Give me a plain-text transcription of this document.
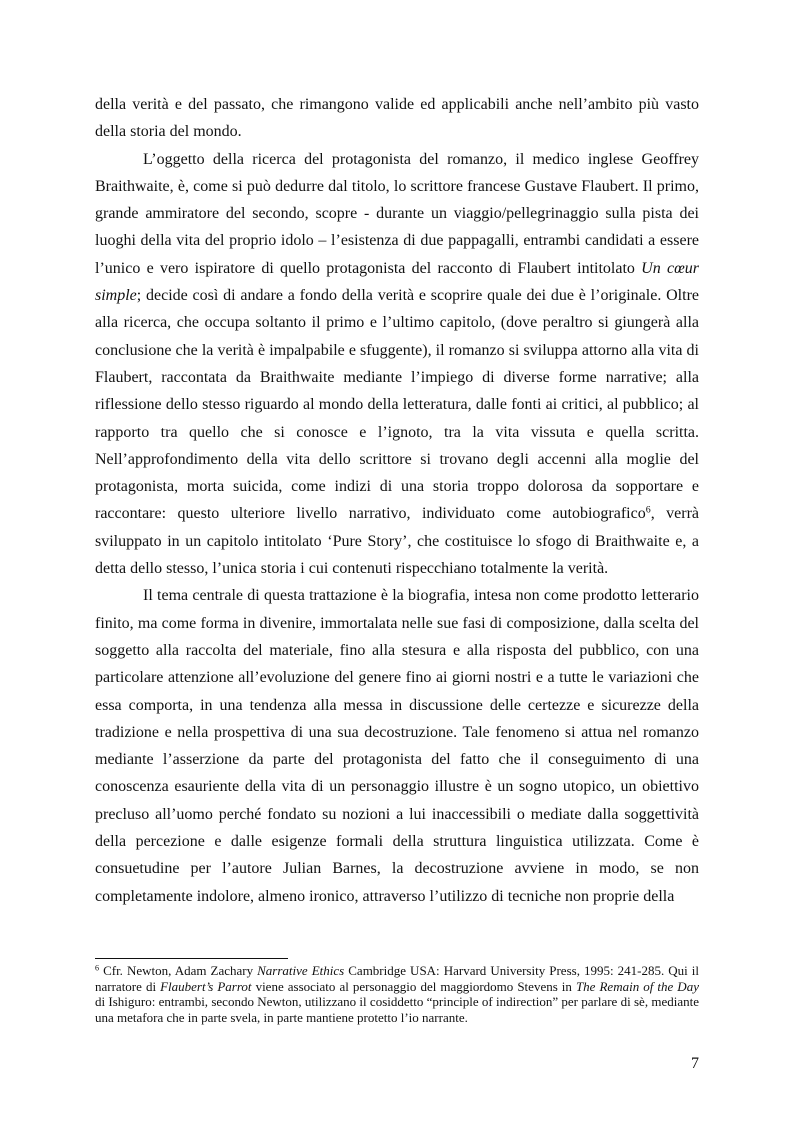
della verità e del passato, che rimangono valide ed applicabili anche nell’ambito più vasto della storia del mondo.

L’oggetto della ricerca del protagonista del romanzo, il medico inglese Geoffrey Braithwaite, è, come si può dedurre dal titolo, lo scrittore francese Gustave Flaubert. Il primo, grande ammiratore del secondo, scopre - durante un viaggio/pellegrinaggio sulla pista dei luoghi della vita del proprio idolo – l’esistenza di due pappagalli, entrambi candidati a essere l’unico e vero ispiratore di quello protagonista del racconto di Flaubert intitolato Un cœur simple; decide così di andare a fondo della verità e scoprire quale dei due è l’originale. Oltre alla ricerca, che occupa soltanto il primo e l’ultimo capitolo, (dove peraltro si giungerà alla conclusione che la verità è impalpabile e sfuggente), il romanzo si sviluppa attorno alla vita di Flaubert, raccontata da Braithwaite mediante l’impiego di diverse forme narrative; alla riflessione dello stesso riguardo al mondo della letteratura, dalle fonti ai critici, al pubblico; al rapporto tra quello che si conosce e l’ignoto, tra la vita vissuta e quella scritta. Nell’approfondimento della vita dello scrittore si trovano degli accenni alla moglie del protagonista, morta suicida, come indizi di una storia troppo dolorosa da sopportare e raccontare: questo ulteriore livello narrativo, individuato come autobiografico$^6$, verrà sviluppato in un capitolo intitolato ‘Pure Story’, che costituisce lo sfogo di Braithwaite e, a detta dello stesso, l’unica storia i cui contenuti rispecchiano totalmente la verità.

Il tema centrale di questa trattazione è la biografia, intesa non come prodotto letterario finito, ma come forma in divenire, immortalata nelle sue fasi di composizione, dalla scelta del soggetto alla raccolta del materiale, fino alla stesura e alla risposta del pubblico, con una particolare attenzione all’evoluzione del genere fino ai giorni nostri e a tutte le variazioni che essa comporta, in una tendenza alla messa in discussione delle certezze e sicurezze della tradizione e nella prospettiva di una sua decostruzione. Tale fenomeno si attua nel romanzo mediante l’asserzione da parte del protagonista del fatto che il conseguimento di una conoscenza esauriente della vita di un personaggio illustre è un sogno utopico, un obiettivo precluso all’uomo perché fondato su nozioni a lui inaccessibili o mediate dalla soggettività della percezione e dalle esigenze formali della struttura linguistica utilizzata. Come è consuetudine per l’autore Julian Barnes, la decostruzione avviene in modo, se non completamente indolore, almeno ironico, attraverso l’utilizzo di tecniche non proprie della

$^6$ Cfr. Newton, Adam Zachary Narrative Ethics Cambridge USA: Harvard University Press, 1995: 241-285. Qui il narratore di Flaubert’s Parrot viene associato al personaggio del maggiordomo Stevens in The Remain of the Day di Ishiguro: entrambi, secondo Newton, utilizzano il cosiddetto “principle of indirection” per parlare di sè, mediante una metafora che in parte svela, in parte mantiene protetto l’io narrante.

7
